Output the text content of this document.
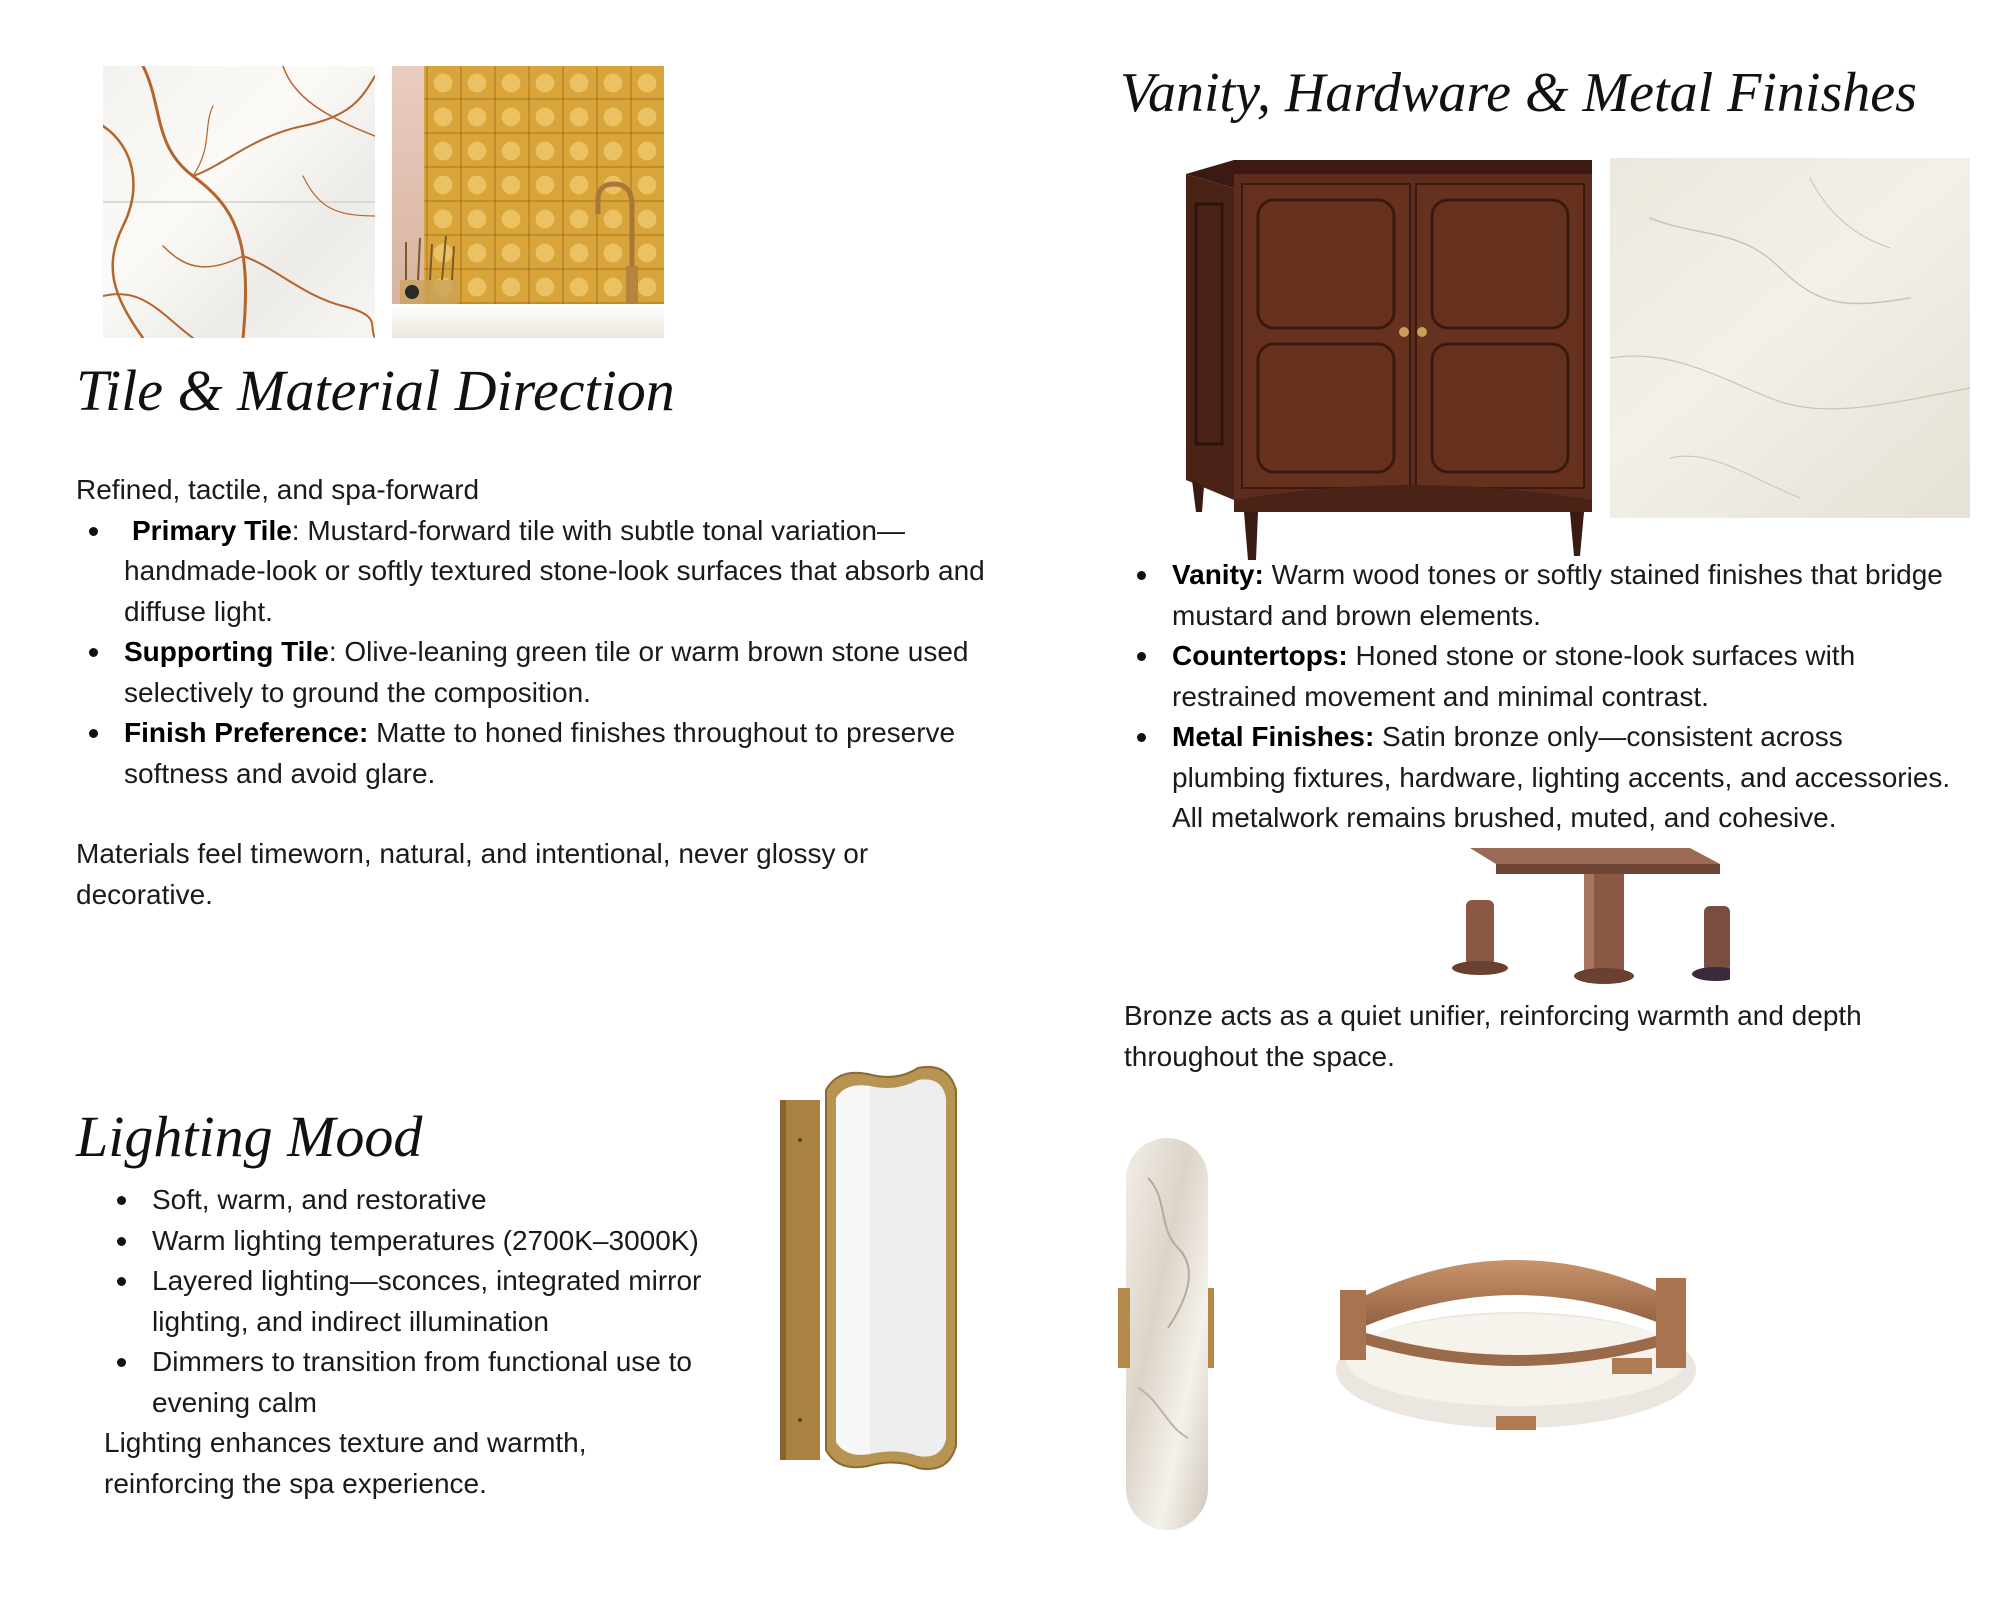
Tile & Material Direction

Refined, tactile, and spa-forward

Primary Tile: Mustard-forward tile with subtle tonal variation—handmade-look or softly textured stone-look surfaces that absorb and diffuse light.
Supporting Tile: Olive-leaning green tile or warm brown stone used selectively to ground the composition.
Finish Preference: Matte to honed finishes throughout to preserve softness and avoid glare.

Materials feel timeworn, natural, and intentional, never glossy or decorative.

Lighting Mood
Soft, warm, and restorative
Warm lighting temperatures (2700K–3000K)
Layered lighting—sconces, integrated mirror lighting, and indirect illumination
Dimmers to transition from functional use to evening calm

Lighting enhances texture and warmth, reinforcing the spa experience.

Vanity, Hardware & Metal Finishes
Vanity: Warm wood tones or softly stained finishes that bridge mustard and brown elements.
Countertops: Honed stone or stone-look surfaces with restrained movement and minimal contrast.
Metal Finishes: Satin bronze only—consistent across plumbing fixtures, hardware, lighting accents, and accessories. All metalwork remains brushed, muted, and cohesive.

Bronze acts as a quiet unifier, reinforcing warmth and depth throughout the space.
